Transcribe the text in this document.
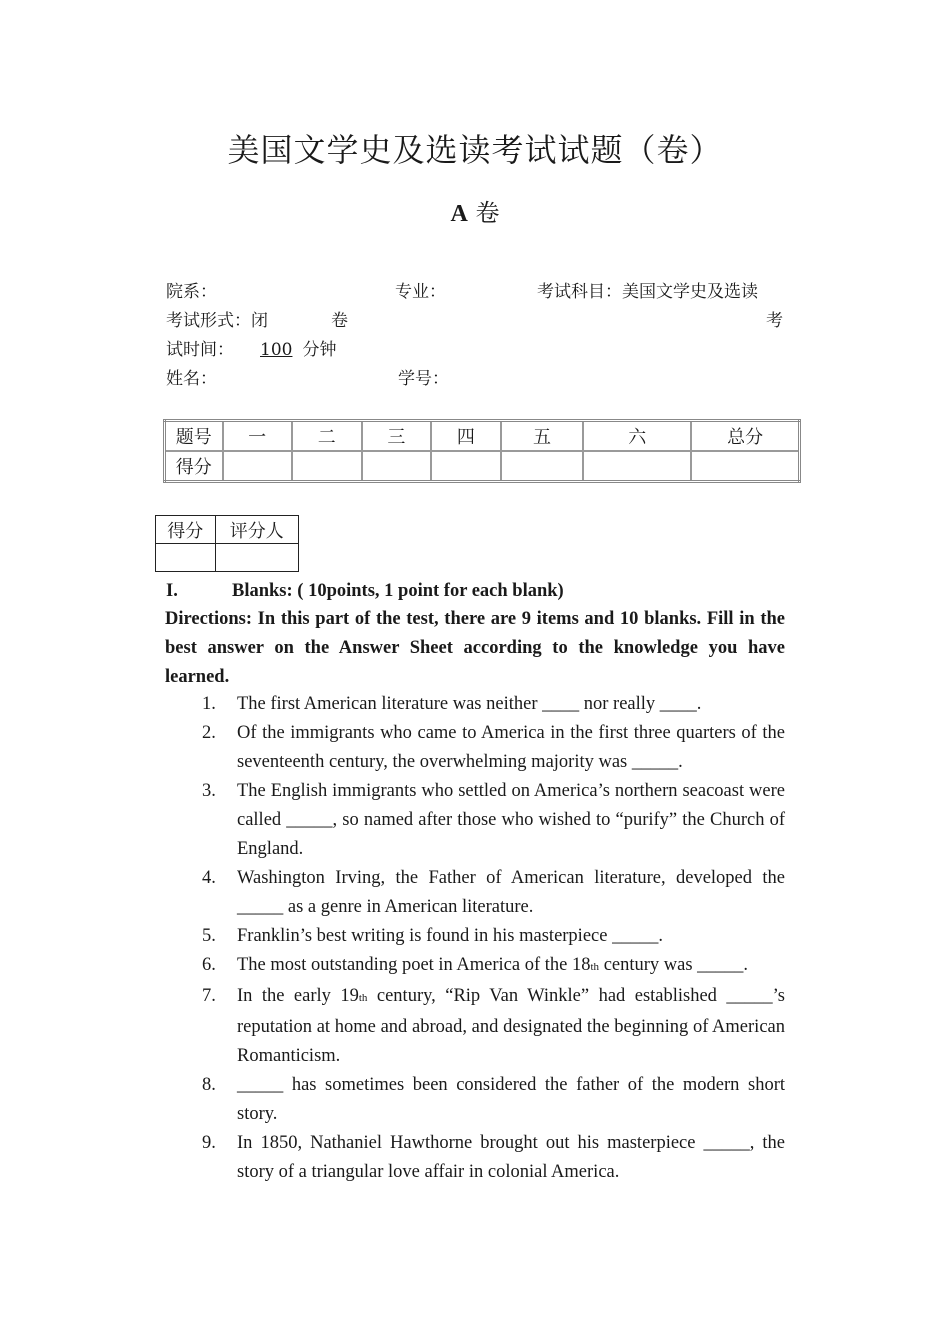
美国文学史及选读考试试题（卷）
A 卷
院系：	专业：	考试科目：美国文学史及选读
考试形式：闭	卷	考
试时间： 100 分钟
姓名：	学号：
题号	一	二	三	四	五	六	总分
得分							
得分	评分人

I.	Blanks: ( 10points, 1 point for each blank)
Directions: In this part of the test, there are 9 items and 10 blanks. Fill in the best answer on the Answer Sheet according to the knowledge you have learned.
1. The first American literature was neither ____ nor really ____.
2. Of the immigrants who came to America in the first three quarters of the seventeenth century, the overwhelming majority was _____.
3. The English immigrants who settled on America’s northern seacoast were called _____, so named after those who wished to “purify” the Church of England.
4. Washington Irving, the Father of American literature, developed the _____ as a genre in American literature.
5. Franklin’s best writing is found in his masterpiece _____.
6. The most outstanding poet in America of the 18th century was _____.
7. In the early 19th century, “Rip Van Winkle” had established _____’s reputation at home and abroad, and designated the beginning of American Romanticism.
8. _____ has sometimes been considered the father of the modern short story.
9. In 1850, Nathaniel Hawthorne brought out his masterpiece _____, the story of a triangular love affair in colonial America.
